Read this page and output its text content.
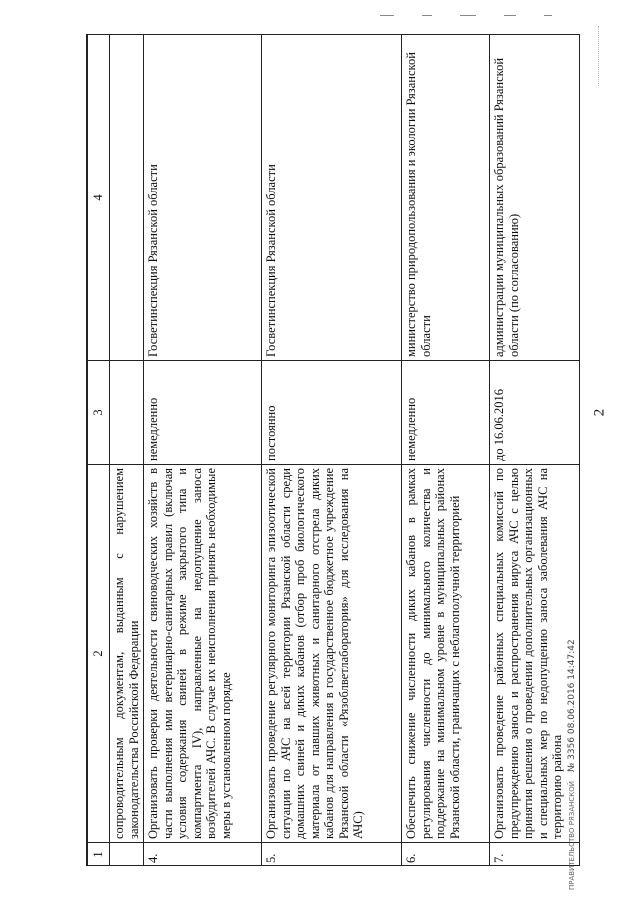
2
1	2	3	4
	сопроводительным документам, выданным с нарушением законодательства Российской Федерации		
4.	Организовать проверки деятельности свиноводческих хозяйств в части выполнения ими ветеринарно-санитарных правил (включая условия содержания свиней в режиме закрытого типа и компартмента IV), направленные на недопущение заноса возбудителей АЧС. В случае их неисполнения принять необходимые меры в установленном порядке	немедленно	Госветинспекция Рязанской области
5.	Организовать проведение регулярного мониторинга эпизоотической ситуации по АЧС на всей территории Рязанской области среди домашних свиней и диких кабанов (отбор проб биологического материала от павших животных и санитарного отстрела диких кабанов для направления в государственное бюджетное учреждение Рязанской области «Рязоблветлаборатория» для исследования на АЧС)	постоянно	Госветинспекция Рязанской области
6.	Обеспечить снижение численности диких кабанов в рамках регулирования численности до минимального количества и поддержание на минимальном уровне в муниципальных районах Рязанской области, граничащих с неблагополучной территорией	немедленно	министерство природопользования и экологии Рязанской области
7.	Организовать проведение районных специальных комиссий по предупреждению заноса и распространения вируса АЧС с целью принятия решения о проведении дополнительных организационных и специальных мер по недопущению заноса заболевания АЧС на территорию района	до 16.06.2016	администрации муниципальных образований Рязанской области (по согласованию)
ПРАВИТЕЛЬСТВО РЯЗАНСКОЙ № 3356 08.06.2016 14:47:42
